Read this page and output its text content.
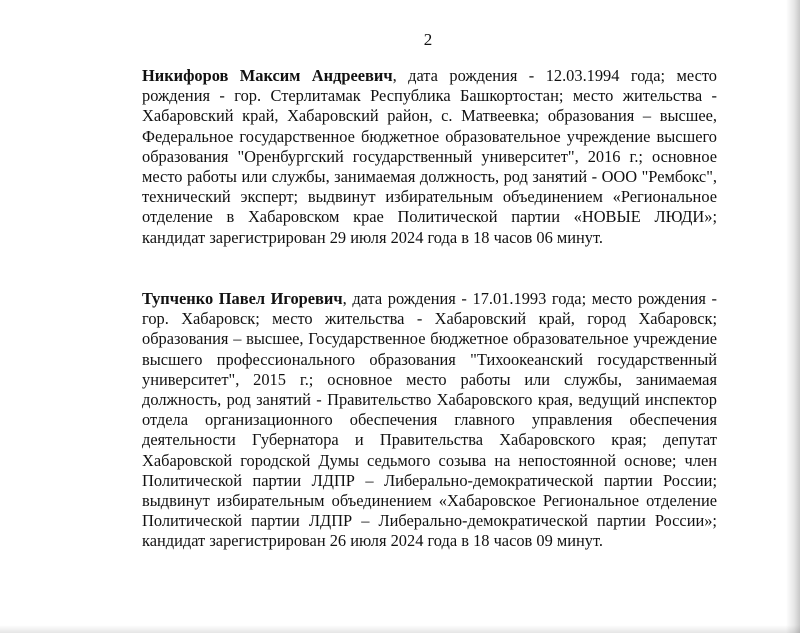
2

Никифоров Максим Андреевич, дата рождения - 12.03.1994 года; место рождения - гор. Стерлитамак Республика Башкортостан; место жительства - Хабаровский край, Хабаровский район, с. Матвеевка; образования – высшее, Федеральное государственное бюджетное образовательное учреждение высшего образования "Оренбургский государственный университет", 2016 г.; основное место работы или службы, занимаемая должность, род занятий - ООО "Рембокс", технический эксперт; выдвинут избирательным объединением «Региональное отделение в Хабаровском крае Политической партии «НОВЫЕ ЛЮДИ»; кандидат зарегистрирован 29 июля 2024 года в 18 часов 06 минут.

Тупченко Павел Игоревич, дата рождения - 17.01.1993 года; место рождения - гор. Хабаровск; место жительства - Хабаровский край, город Хабаровск; образования – высшее, Государственное бюджетное образовательное учреждение высшего профессионального образования "Тихоокеанский государственный университет", 2015 г.; основное место работы или службы, занимаемая должность, род занятий - Правительство Хабаровского края, ведущий инспектор отдела организационного обеспечения главного управления обеспечения деятельности Губернатора и Правительства Хабаровского края; депутат Хабаровской городской Думы седьмого созыва на непостоянной основе; член Политической партии ЛДПР – Либерально-демократической партии России; выдвинут избирательным объединением «Хабаровское Региональное отделение Политической партии ЛДПР – Либерально-демократической партии России»; кандидат зарегистрирован 26 июля 2024 года в 18 часов 09 минут.
